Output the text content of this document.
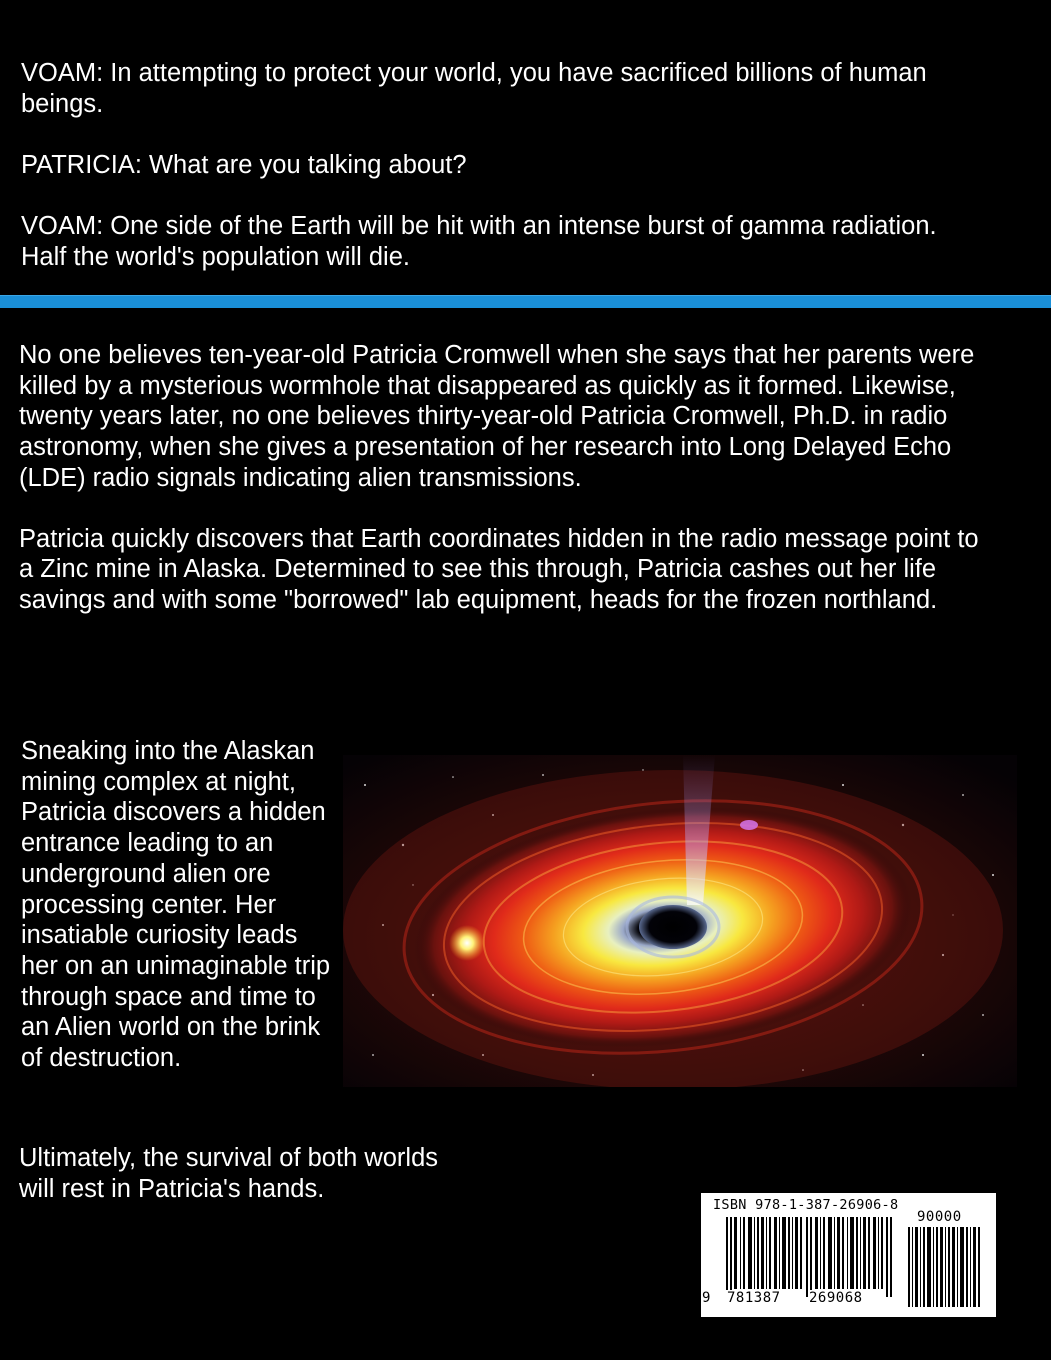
VOAM: In attempting to protect your world, you have sacrificed billions of human beings.

PATRICIA: What are you talking about?

VOAM: One side of the Earth will be hit with an intense burst of gamma radiation. Half the world's population will die.

No one believes ten-year-old Patricia Cromwell when she says that her parents were killed by a mysterious wormhole that disappeared as quickly as it formed. Likewise, twenty years later, no one believes thirty-year-old Patricia Cromwell, Ph.D. in radio astronomy, when she gives a presentation of her research into Long Delayed Echo (LDE) radio signals indicating alien transmissions.

Patricia quickly discovers that Earth coordinates hidden in the radio message point to a Zinc mine in Alaska. Determined to see this through, Patricia cashes out her life savings and with some "borrowed" lab equipment, heads for the frozen northland.

Sneaking into the Alaskan mining complex at night, Patricia discovers a hidden entrance leading to an underground alien ore processing center. Her insatiable curiosity leads her on an unimaginable trip through space and time to an Alien world on the brink of destruction.

Ultimately, the survival of both worlds will rest in Patricia's hands.

ISBN 978-1-387-26906-8
90000
9 781387 269068
